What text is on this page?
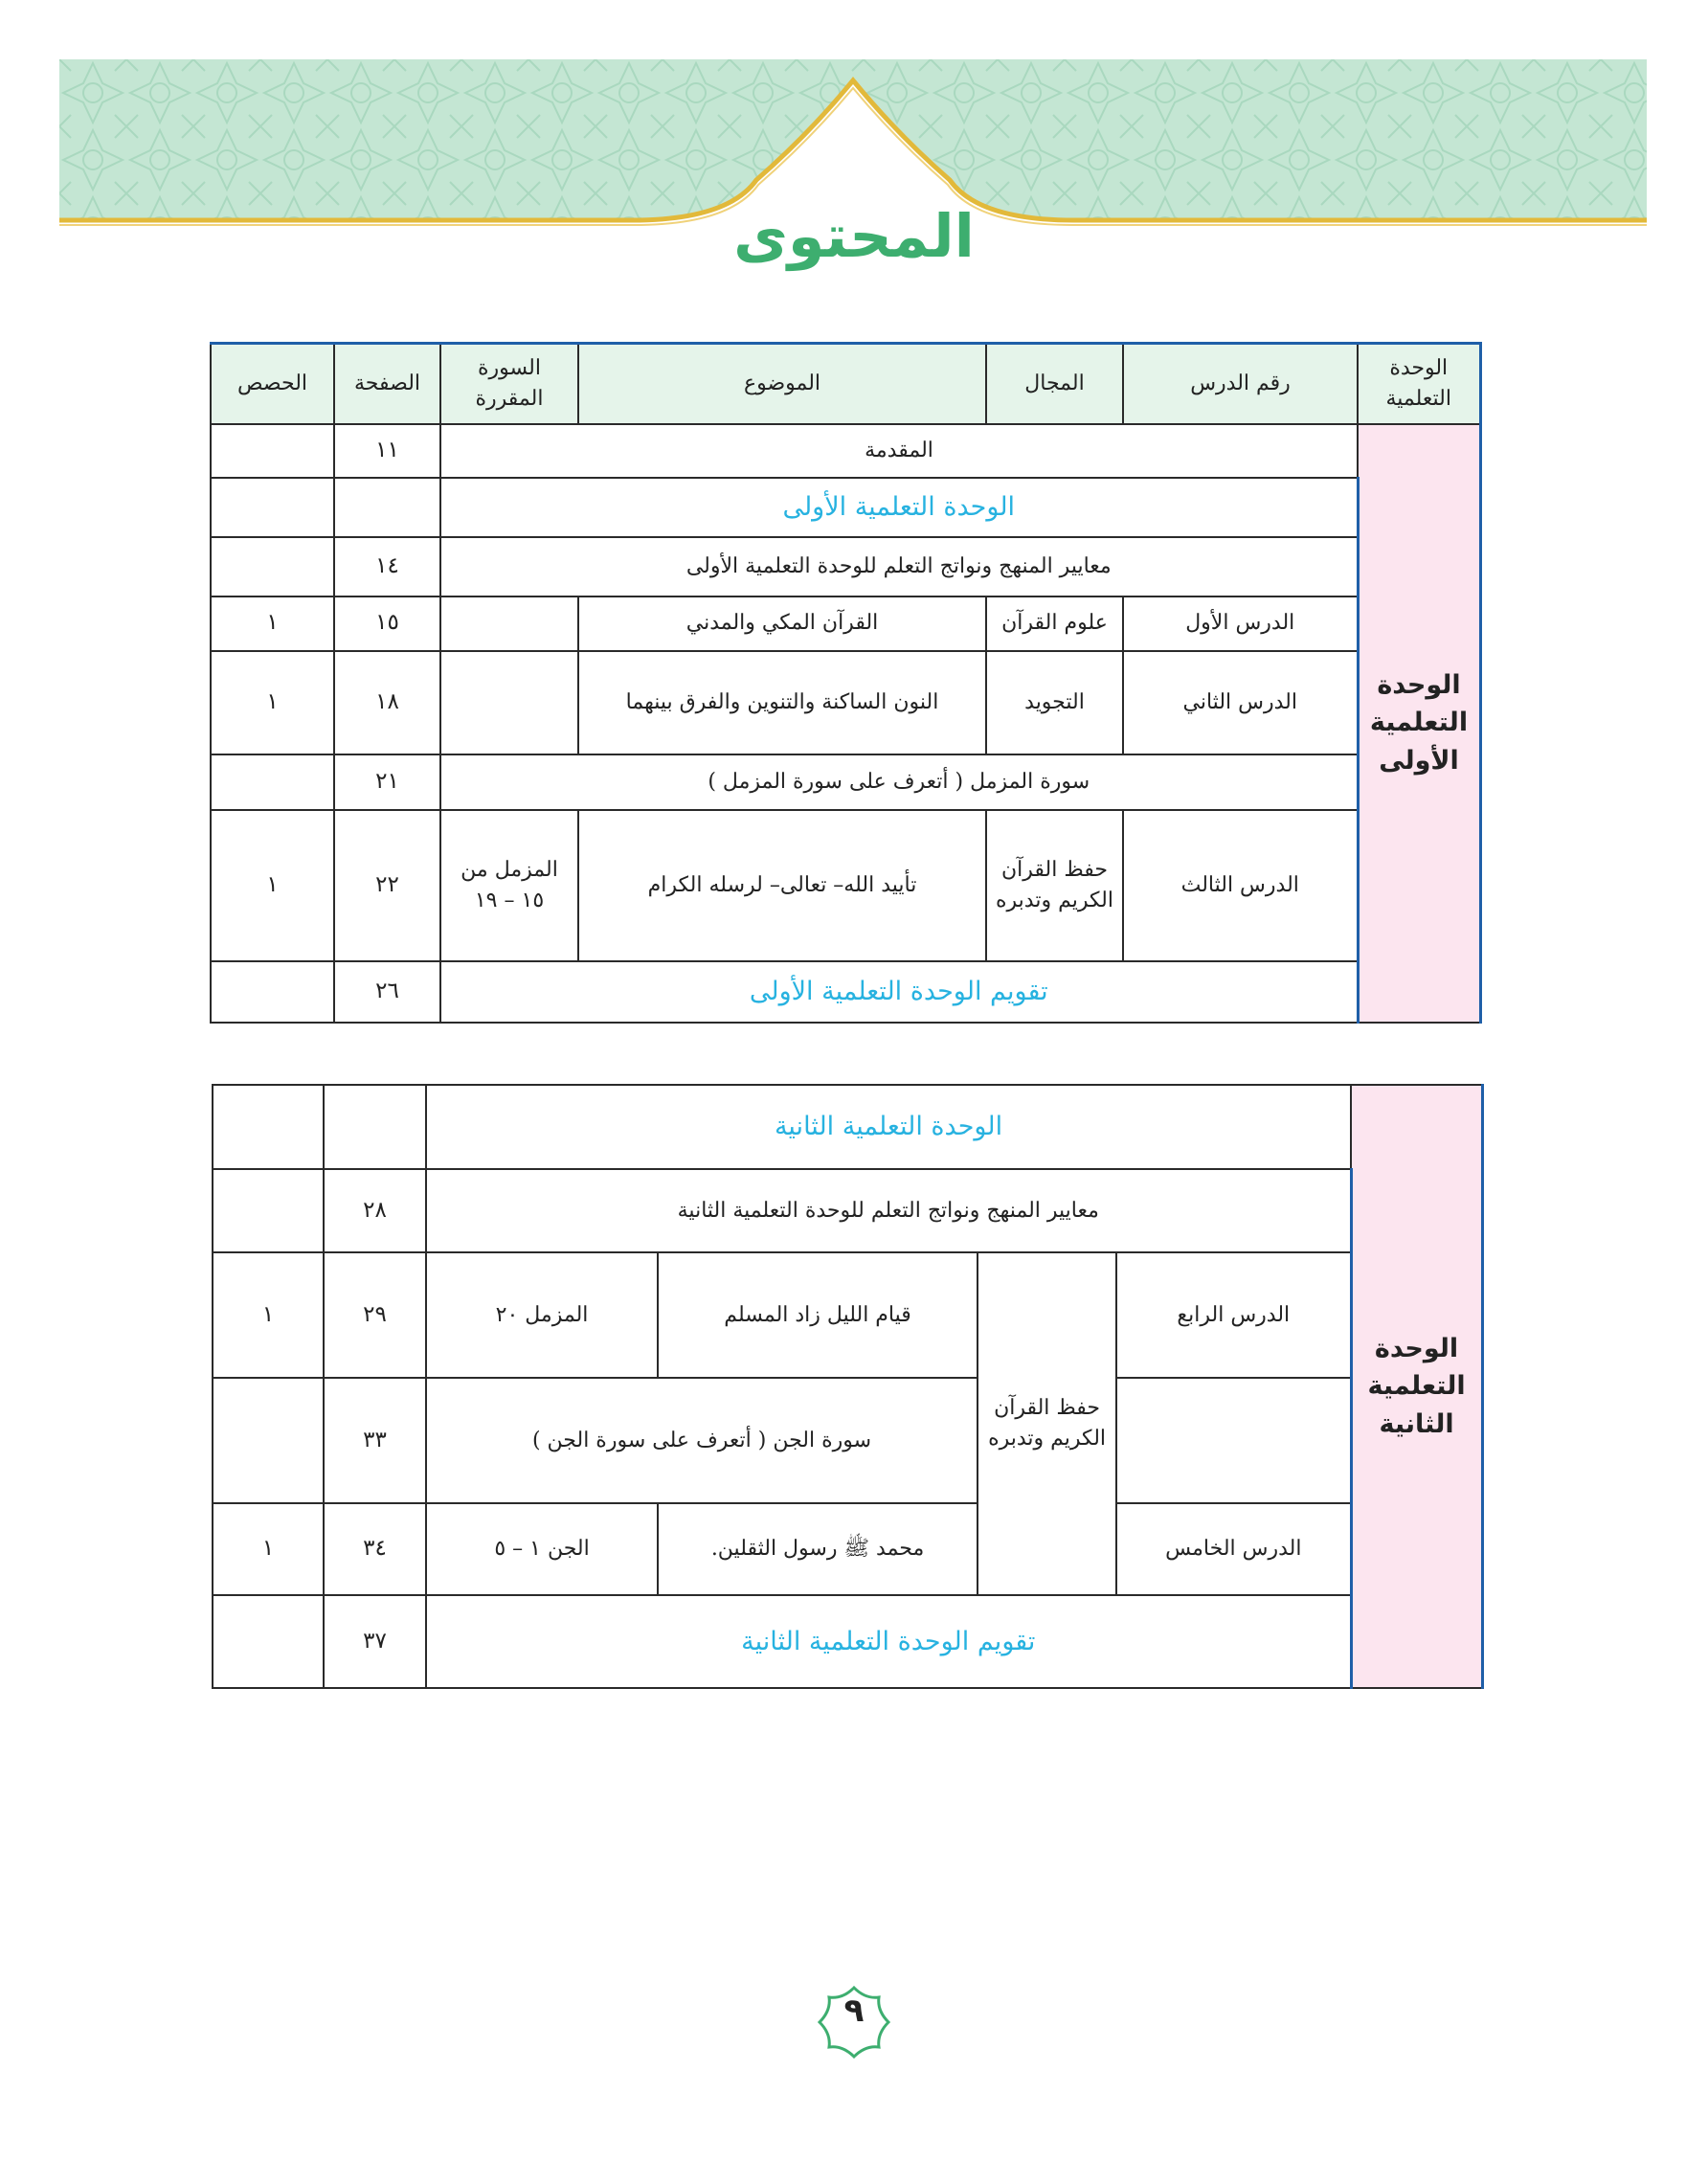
المحتوى
الوحدة التعلمية	رقم الدرس	المجال	الموضوع	السورة المقررة	الصفحة	الحصص
الوحدة التعلمية الأولى	المقدمة				١١	
	الوحدة التعلمية الأولى					
	معايير المنهج ونواتج التعلم للوحدة التعلمية الأولى				١٤	
	الدرس الأول	علوم القرآن	القرآن المكي والمدني		١٥	١
	الدرس الثاني	التجويد	النون الساكنة والتنوين والفرق بينهما		١٨	١
	سورة المزمل ( أتعرف على سورة المزمل )				٢١	
	الدرس الثالث	حفظ القرآن الكريم وتدبره	تأييد الله– تعالى– لرسله الكرام	المزمل من ١٥ – ١٩	٢٢	١
	تقويم الوحدة التعلمية الأولى				٢٦	
الوحدة التعلمية الثانية	الوحدة التعلمية الثانية					
	معايير المنهج ونواتج التعلم للوحدة التعلمية الثانية				٢٨	
	الدرس الرابع	حفظ القرآن الكريم وتدبره	قيام الليل زاد المسلم	المزمل ٢٠	٢٩	١
			سورة الجن ( أتعرف على سورة الجن )		٣٣	
	الدرس الخامس		محمد ﷺ رسول الثقلين.	الجن ١ – ٥	٣٤	١
	تقويم الوحدة التعلمية الثانية				٣٧	
٩
